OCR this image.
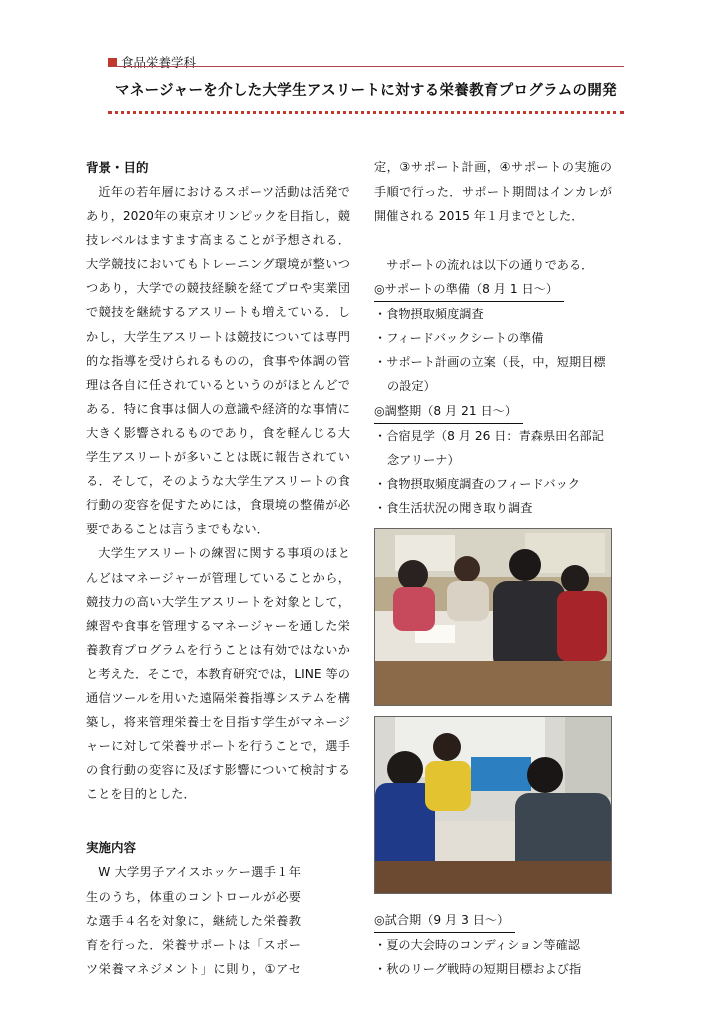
食品栄養学科
マネージャーを介した大学生アスリートに対する栄養教育プログラムの開発
背景・目的

近年の若年層におけるスポーツ活動は活発であり，2020年の東京オリンピックを目指し，競技レベルはますます高まることが予想される．大学競技においてもトレーニング環境が整いつつあり，大学での競技経験を経てプロや実業団で競技を継続するアスリートも増えている．しかし，大学生アスリートは競技については専門的な指導を受けられるものの，食事や体調の管理は各自に任されているというのがほとんどである．特に食事は個人の意識や経済的な事情に大きく影響されるものであり，食を軽んじる大学生アスリートが多いことは既に報告されている．そして，そのような大学生アスリートの食行動の変容を促すためには，食環境の整備が必要であることは言うまでもない．

大学生アスリートの練習に関する事項のほとんどはマネージャーが管理していることから，競技力の高い大学生アスリートを対象として，練習や食事を管理するマネージャーを通した栄養教育プログラムを行うことは有効ではないかと考えた．そこで，本教育研究では，LINE 等の通信ツールを用いた遠隔栄養指導システムを構築し，将来管理栄養士を目指す学生がマネージャーに対して栄養サポートを行うことで，選手の食行動の変容に及ぼす影響について検討することを目的とした．

実施内容

W 大学男子アイスホッケー選手１年生のうち，体重のコントロールが必要な選手４名を対象に，継続した栄養教育を行った．栄養サポートは「スポーツ栄養マネジメント」に則り，①アセ

定，③サポート計画，④サポートの実施の手順で行った．サポート期間はインカレが開催される 2015 年１月までとした．

サポートの流れは以下の通りである．

◎サポートの準備（8 月 1 日～）
・ 食物摂取頻度調査
・ フィードバックシートの準備
・ サポート計画の立案（長，中，短期目標の設定）
◎調整期（8 月 21 日～）
・ 合宿見学（8 月 26 日：青森県田名部記念アリーナ）
・ 食物摂取頻度調査のフィードバック
・ 食生活状況の聞き取り調査
◎試合期（9 月 3 日～）
・ 夏の大会時のコンディション等確認
・ 秋のリーグ戦時の短期目標および指
